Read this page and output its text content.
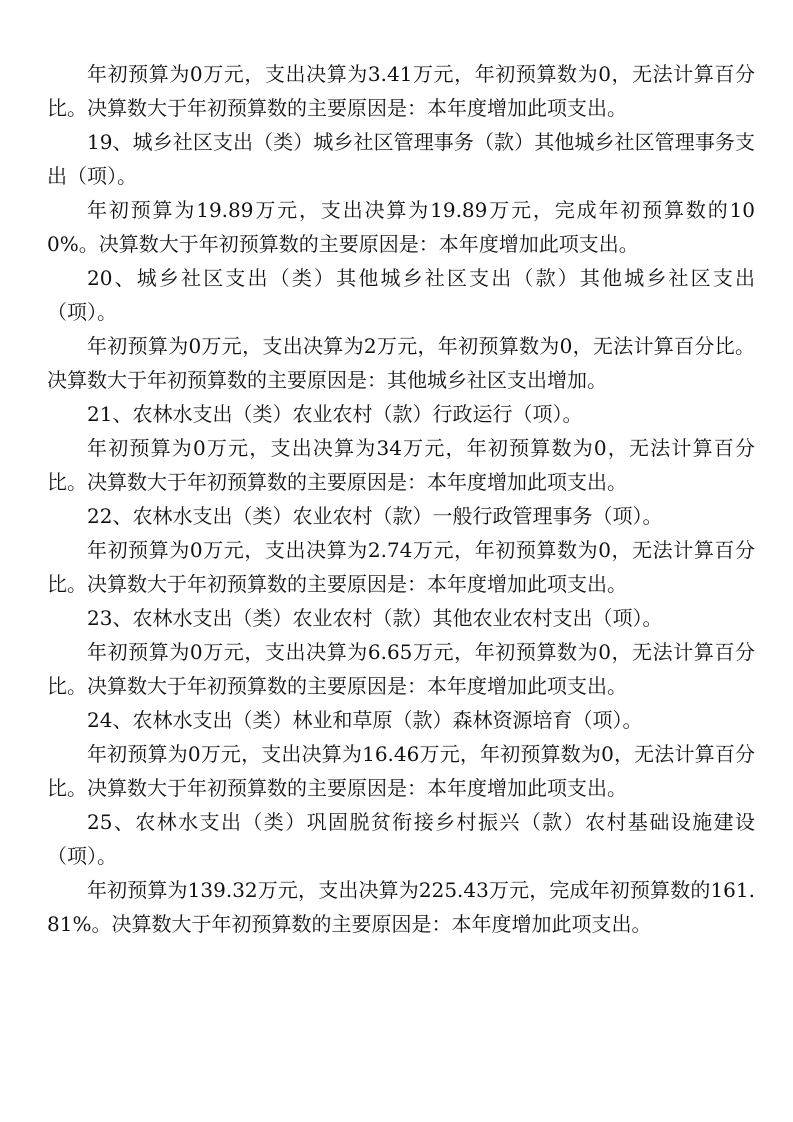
年初预算为0万元，支出决算为3.41万元，年初预算数为0，无法计算百分比。决算数大于年初预算数的主要原因是：本年度增加此项支出。

19、城乡社区支出（类）城乡社区管理事务（款）其他城乡社区管理事务支出（项）。

年初预算为19.89万元，支出决算为19.89万元，完成年初预算数的100%。决算数大于年初预算数的主要原因是：本年度增加此项支出。

20、城乡社区支出（类）其他城乡社区支出（款）其他城乡社区支出（项）。

年初预算为0万元，支出决算为2万元，年初预算数为0，无法计算百分比。决算数大于年初预算数的主要原因是：其他城乡社区支出增加。

21、农林水支出（类）农业农村（款）行政运行（项）。

年初预算为0万元，支出决算为34万元，年初预算数为0，无法计算百分比。决算数大于年初预算数的主要原因是：本年度增加此项支出。

22、农林水支出（类）农业农村（款）一般行政管理事务（项）。

年初预算为0万元，支出决算为2.74万元，年初预算数为0，无法计算百分比。决算数大于年初预算数的主要原因是：本年度增加此项支出。

23、农林水支出（类）农业农村（款）其他农业农村支出（项）。

年初预算为0万元，支出决算为6.65万元，年初预算数为0，无法计算百分比。决算数大于年初预算数的主要原因是：本年度增加此项支出。

24、农林水支出（类）林业和草原（款）森林资源培育（项）。

年初预算为0万元，支出决算为16.46万元，年初预算数为0，无法计算百分比。决算数大于年初预算数的主要原因是：本年度增加此项支出。

25、农林水支出（类）巩固脱贫衔接乡村振兴（款）农村基础设施建设（项）。

年初预算为139.32万元，支出决算为225.43万元，完成年初预算数的161.81%。决算数大于年初预算数的主要原因是：本年度增加此项支出。
